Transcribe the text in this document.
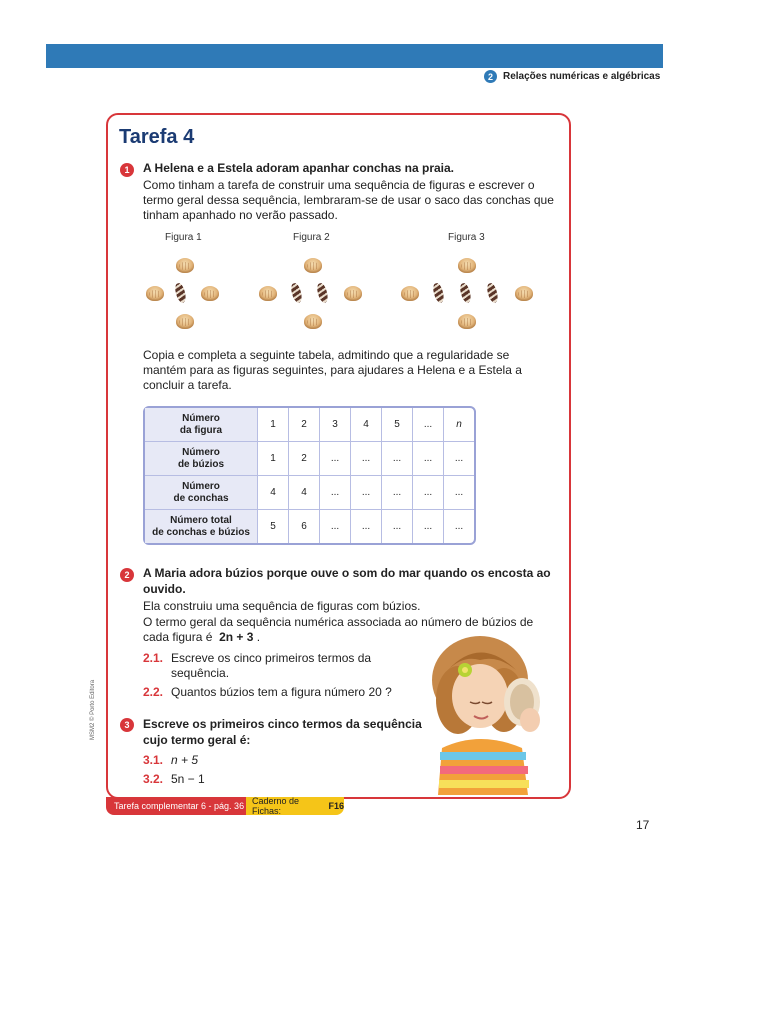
2	Relações numéricas e algébricas
Tarefa 4
1	A Helena e a Estela adoram apanhar conchas na praia.
Como tinham a tarefa de construir uma sequência de figuras e escrever o
termo geral dessa sequência, lembraram-se de usar o saco das conchas que
tinham apanhado no verão passado.
Figura 1	Figura 2	Figura 3
Copia e completa a seguinte tabela, admitindo que a regularidade se
mantém para as figuras seguintes, para ajudares a Helena e a Estela a
concluir a tarefa.
Número
da figura	1	2	3	4	5	...	n
Número
de búzios	1	2	...	...	...	...	...
Número
de conchas	4	4	...	...	...	...	...
Número total
de conchas e búzios	5	6	...	...	...	...	...
2	A Maria adora búzios porque ouve o som do mar quando os encosta ao
ouvido.
Ela construiu uma sequência de figuras com búzios.
O termo geral da sequência numérica associada ao número de búzios de
cada figura é 2n + 3 .
2.1. Escreve os cinco primeiros termos da
sequência.
2.2. Quantos búzios tem a figura número 20 ?
3	Escreve os primeiros cinco termos da sequência
cujo termo geral é:
3.1. n + 5
3.2. 5n − 1
MSM2 © Porto Editora
Tarefa complementar 6 - pág. 36 Caderno de Fichas:
	F16
17
